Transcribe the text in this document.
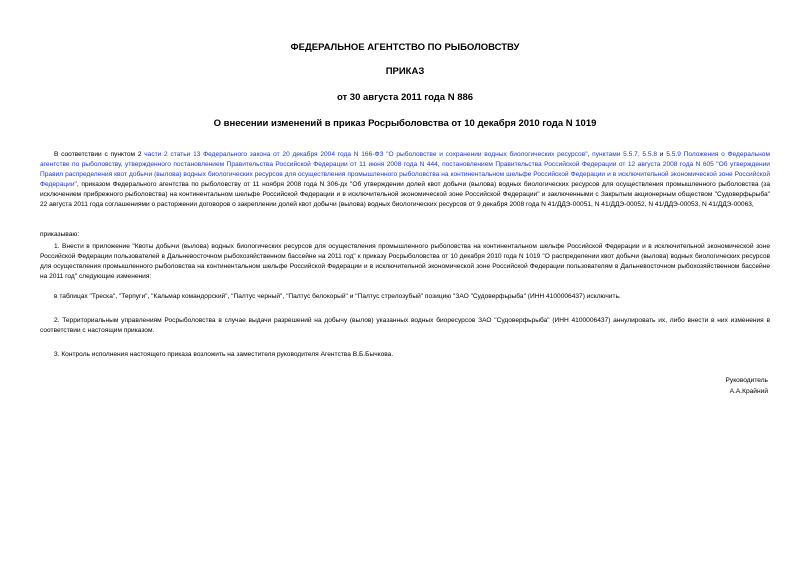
ФЕДЕРАЛЬНОЕ АГЕНТСТВО ПО РЫБОЛОВСТВУ

ПРИКАЗ

от 30 августа 2011 года N 886

О внесении изменений в приказ Росрыболовства от 10 декабря 2010 года N 1019

В соответствии с пунктом 2 части 2 статьи 13 Федерального закона от 20 декабря 2004 года N 166-ФЗ "О рыболовстве и сохранении водных биологических ресурсов", пунктами 5.5.7, 5.5.8 и 5.5.9 Положения о Федеральном агентстве по рыболовству, утвержденного постановлением Правительства Российской Федерации от 11 июня 2008 года N 444, постановлением Правительства Российской Федерации от 12 августа 2008 года N 605 "Об утверждении Правил распределения квот добычи (вылова) водных биологических ресурсов для осуществления промышленного рыболовства на континентальном шельфе Российской Федерации и в исключительной экономической зоне Российской Федерации", приказом Федерального агентства по рыболовству от 11 ноября 2008 года N 306-дх "Об утверждении долей квот добычи (вылова) водных биологических ресурсов для осуществления промышленного рыболовства (за исключением прибрежного рыболовства) на континентальном шельфе Российской Федерации и в исключительной экономической зоне Российской Федерации" и заключенными с Закрытым акционерным обществом "Судоверфьрыба" 22 августа 2011 года соглашениями о расторжении договоров о закреплении долей квот добычи (вылова) водных биологических ресурсов от 9 декабря 2008 года N 41/ДДЭ-00051, N 41/ДДЭ-00052, N 41/ДДЭ-00053, N 41/ДДЭ-00063,

приказываю:

1. Внести в приложение "Квоты добычи (вылова) водных биологических ресурсов для осуществления промышленного рыболовства на континентальном шельфе Российской Федерации и в исключительной экономической зоне Российской Федерации пользователей в Дальневосточном рыбохозяйственном бассейне на 2011 год" к приказу Росрыболовства от 10 декабря 2010 года N 1019 "О распределении квот добычи (вылова) водных биологических ресурсов для осуществления промышленного рыболовства на континентальном шельфе Российской Федерации и в исключительной экономической зоне Российской Федерации пользователям в Дальневосточном рыбохозяйственном бассейне на 2011 год" следующие изменения:

в таблицах "Треска", "Терпуги", "Кальмар командорский", "Палтус черный", "Палтус белокорый" и "Палтус стрелозубый" позицию "ЗАО "Судоверфьрыба" (ИНН 4100006437) исключить.

2. Территориальным управлениям Росрыболовства в случае выдачи разрешений на добычу (вылов) указанных водных биоресурсов ЗАО "Судоверфьрыба" (ИНН 4100006437) аннулировать их, либо внести в них изменения в соответствии с настоящим приказом.

3. Контроль исполнения настоящего приказа возложить на заместителя руководителя Агентства В.Б.Бычкова.

Руководитель
А.А.Крайний
